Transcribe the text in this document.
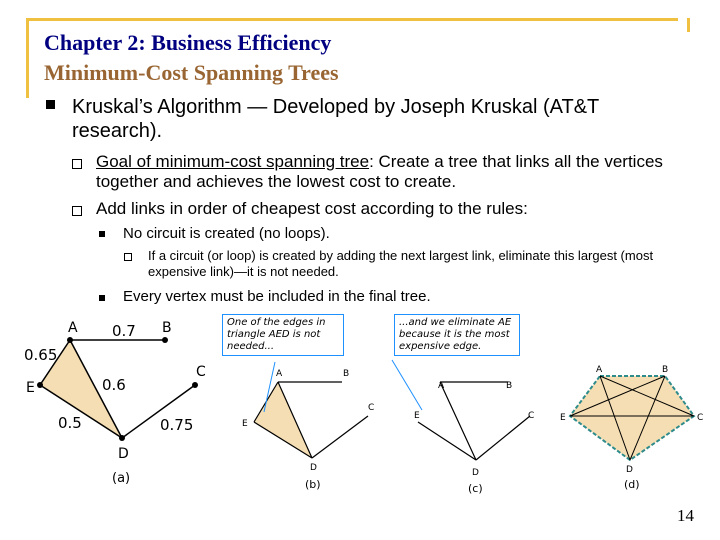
Chapter 2: Business Efficiency
Minimum-Cost Spanning Trees
Kruskal’s Algorithm — Developed by Joseph Kruskal (AT&T research).
Goal of minimum-cost spanning tree: Create a tree that links all the vertices together and achieves the lowest cost to create.
Add links in order of cheapest cost according to the rules:
No circuit is created (no loops).
If a circuit (or loop) is created by adding the next largest link, eliminate this largest (most expensive link)—it is not needed.
Every vertex must be included in the final tree.
A	B
E
C
D
0.7
0.65
0.6
0.5	0.75
(a)
A	B
E
C
D
(b)
A	B
E	C
D
(c)
A	B
E	C
D
(d)
One of the edges in triangle AED is not needed...
...and we eliminate AE because it is the most expensive edge.
14
